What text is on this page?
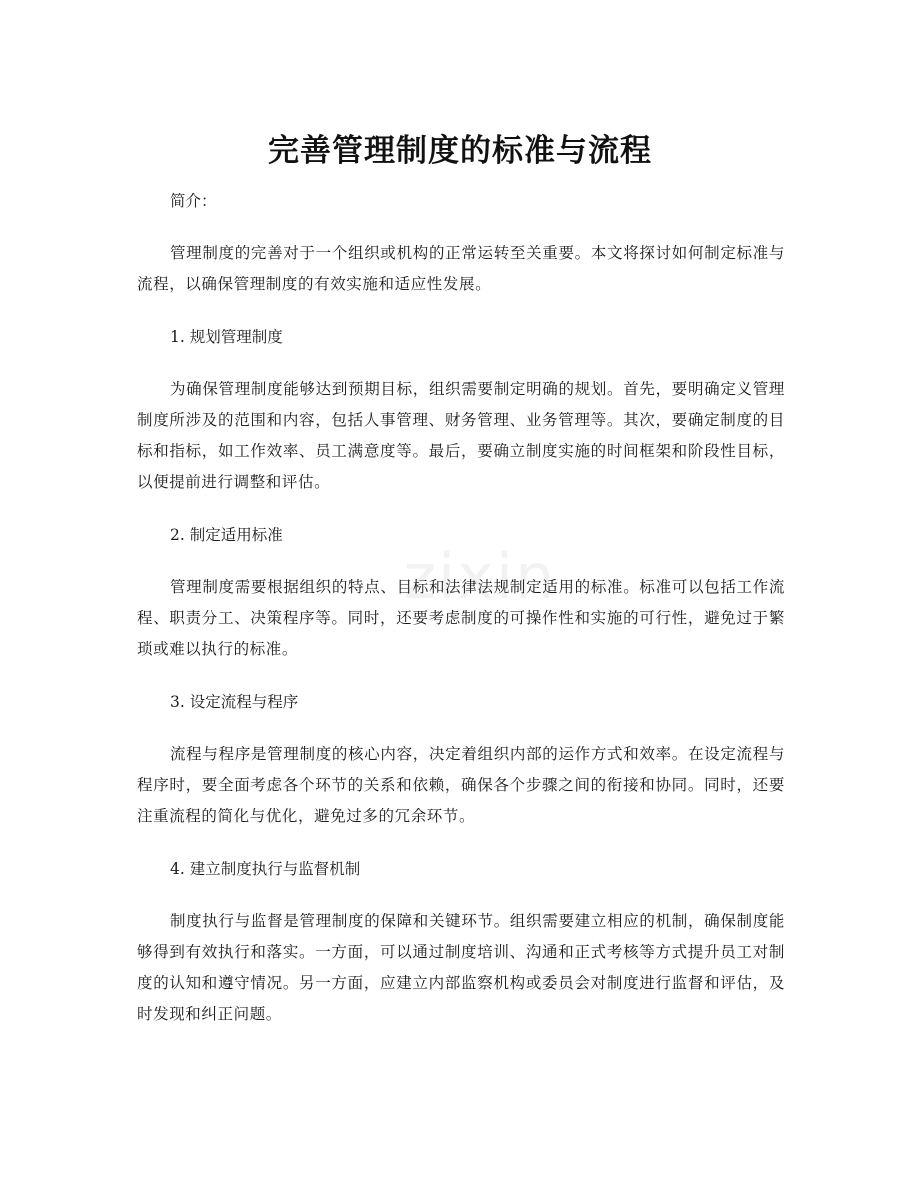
zixin
完善管理制度的标准与流程

简介：

管理制度的完善对于一个组织或机构的正常运转至关重要。本文将探讨如何制定标准与流程，以确保管理制度的有效实施和适应性发展。

1. 规划管理制度

为确保管理制度能够达到预期目标，组织需要制定明确的规划。首先，要明确定义管理制度所涉及的范围和内容，包括人事管理、财务管理、业务管理等。其次，要确定制度的目标和指标，如工作效率、员工满意度等。最后，要确立制度实施的时间框架和阶段性目标，以便提前进行调整和评估。

2. 制定适用标准

管理制度需要根据组织的特点、目标和法律法规制定适用的标准。标准可以包括工作流程、职责分工、决策程序等。同时，还要考虑制度的可操作性和实施的可行性，避免过于繁琐或难以执行的标准。

3. 设定流程与程序

流程与程序是管理制度的核心内容，决定着组织内部的运作方式和效率。在设定流程与程序时，要全面考虑各个环节的关系和依赖，确保各个步骤之间的衔接和协同。同时，还要注重流程的简化与优化，避免过多的冗余环节。

4. 建立制度执行与监督机制

制度执行与监督是管理制度的保障和关键环节。组织需要建立相应的机制，确保制度能够得到有效执行和落实。一方面，可以通过制度培训、沟通和正式考核等方式提升员工对制度的认知和遵守情况。另一方面，应建立内部监察机构或委员会对制度进行监督和评估，及时发现和纠正问题。
